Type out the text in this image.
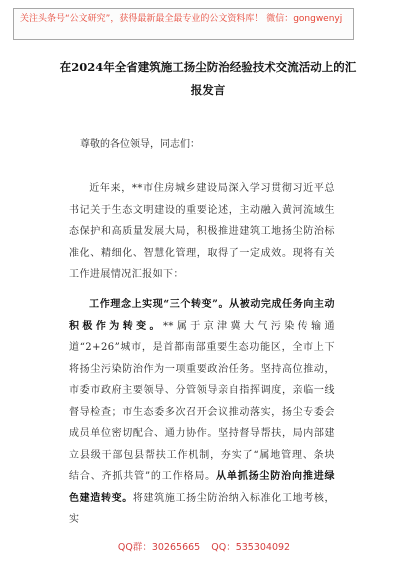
关注头条号“公文研究”，获得最新最全最专业的公文资料库！ 微信：gongwenyj
在2024年全省建筑施工扬尘防治经验技术交流活动上的汇报发言
尊敬的各位领导，同志们：
近年来，**市住房城乡建设局深入学习贯彻习近平总书记关于生态文明建设的重要论述，主动融入黄河流域生态保护和高质量发展大局，积极推进建筑工地扬尘防治标准化、精细化、智慧化管理，取得了一定成效。现将有关工作进展情况汇报如下：
工作理念上实现“三个转变”。从被动完成任务向主动积极作为转变。**属于京津冀大气污染传输通道“2+26”城市，是首都南部重要生态功能区，全市上下将扬尘污染防治作为一项重要政治任务。坚持高位推动，市委市政府主要领导、分管领导亲自指挥调度，亲临一线督导检查；市生态委多次召开会议推动落实，扬尘专委会成员单位密切配合、通力协作。坚持督导帮扶，局内部建立县级干部包县帮扶工作机制，夯实了“属地管理、条块结合、齐抓共管”的工作格局。从单抓扬尘防治向推进绿色建造转变。将建筑施工扬尘防治纳入标准化工地考核，实
QQ群：30265665 QQ：535304092
